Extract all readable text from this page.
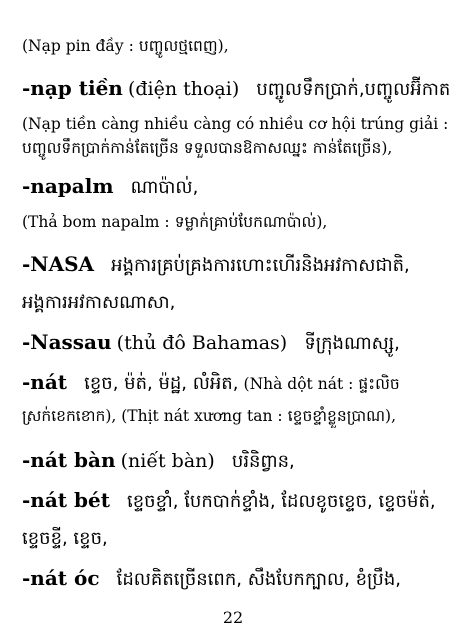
(Nạp pin đầy : បញ្ចូលថ្មពេញ),
-nạp tiền (điện thoại) បញ្ចូលទឹកប្រាក់,បញ្ចូលអ៊ីកាត
(Nạp tiền càng nhiều càng có nhiều cơ hội trúng giải :
បញ្ចូលទឹកប្រាក់កាន់តែច្រើន ទទួលបានឱកាសឈ្នះ កាន់តែច្រើន),
-napalm ណាប៉ាល់,
(Thả bom napalm : ទម្លាក់គ្រាប់បែកណាប៉ាល់),
-NASA អង្គការគ្រប់គ្រងការហោះហើរនិងអវកាសជាតិ,
អង្គការអវកាសណាសា,
-Nassau (thủ đô Bahamas) ទីក្រុងណាស្សូ,
-nát ខ្ទេច, ម៉ត់, ម៉ដ្ឋ, លំអិត, (Nhà dột nát : ផ្ទះលិច
ស្រក់ខេកខោក), (Thịt nát xương tan : ខ្ទេចខ្ទាំខ្លួនប្រាណ),
-nát bàn (niết bàn) បរិនិព្វាន,
-nát bét ខ្ទេចខ្ទាំ, បែកបាក់ខ្ទាំង, ដែលខូចខ្ទេច, ខ្ទេចម៉ត់,
ខ្ទេចខ្ទី, ខ្ទេច,
-nát óc ដែលគិតច្រើនពេក, សឹងបែកក្បាល, ខំប្រឹង,
22
